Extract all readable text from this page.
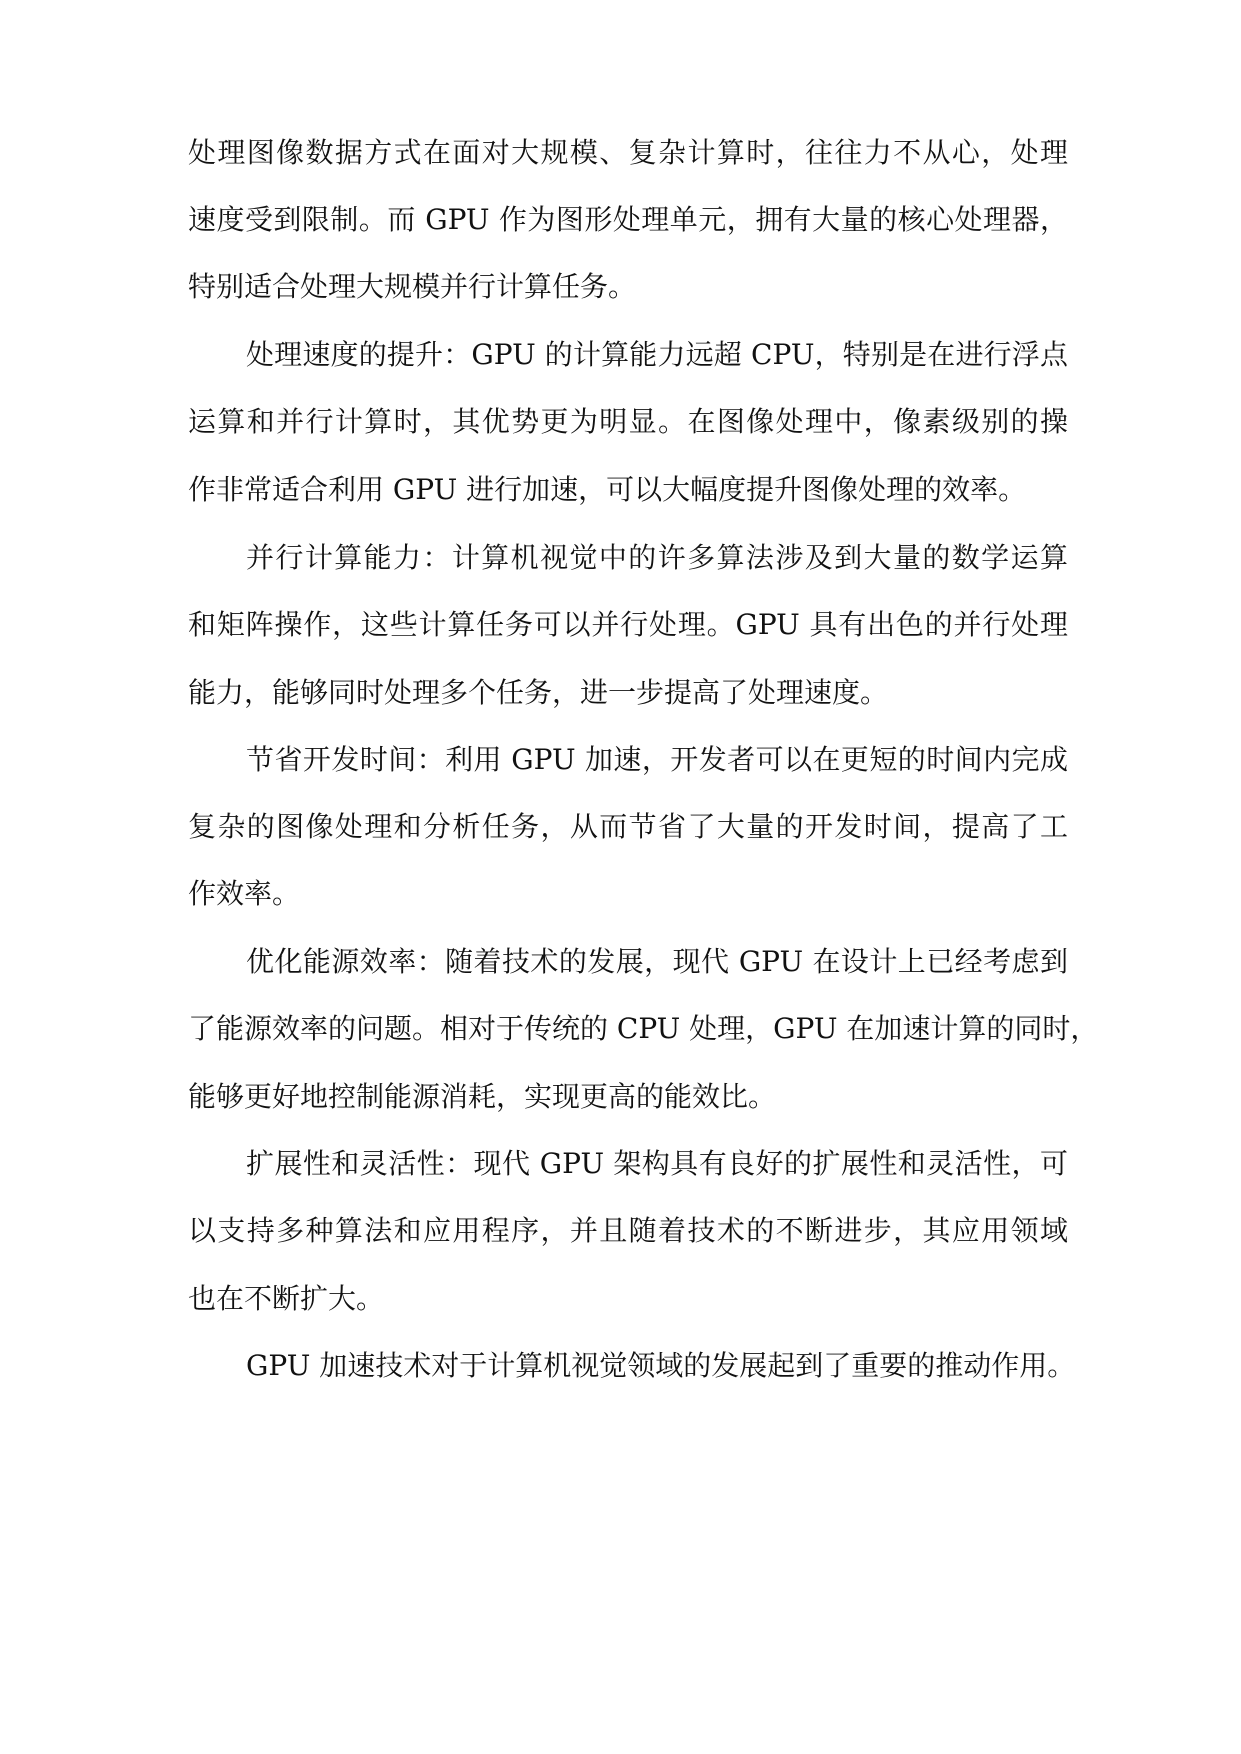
处理图像数据方式在面对大规模、复杂计算时，往往力不从心，处理
速度受到限制。而 GPU 作为图形处理单元，拥有大量的核心处理器，
特别适合处理大规模并行计算任务。
处理速度的提升：GPU 的计算能力远超 CPU，特别是在进行浮点
运算和并行计算时，其优势更为明显。在图像处理中，像素级别的操
作非常适合利用 GPU 进行加速，可以大幅度提升图像处理的效率。
并行计算能力：计算机视觉中的许多算法涉及到大量的数学运算
和矩阵操作，这些计算任务可以并行处理。GPU 具有出色的并行处理
能力，能够同时处理多个任务，进一步提高了处理速度。
节省开发时间：利用 GPU 加速，开发者可以在更短的时间内完成
复杂的图像处理和分析任务，从而节省了大量的开发时间，提高了工
作效率。
优化能源效率：随着技术的发展，现代 GPU 在设计上已经考虑到
了能源效率的问题。相对于传统的 CPU 处理，GPU 在加速计算的同时，
能够更好地控制能源消耗，实现更高的能效比。
扩展性和灵活性：现代 GPU 架构具有良好的扩展性和灵活性，可
以支持多种算法和应用程序，并且随着技术的不断进步，其应用领域
也在不断扩大。
GPU 加速技术对于计算机视觉领域的发展起到了重要的推动作用。
